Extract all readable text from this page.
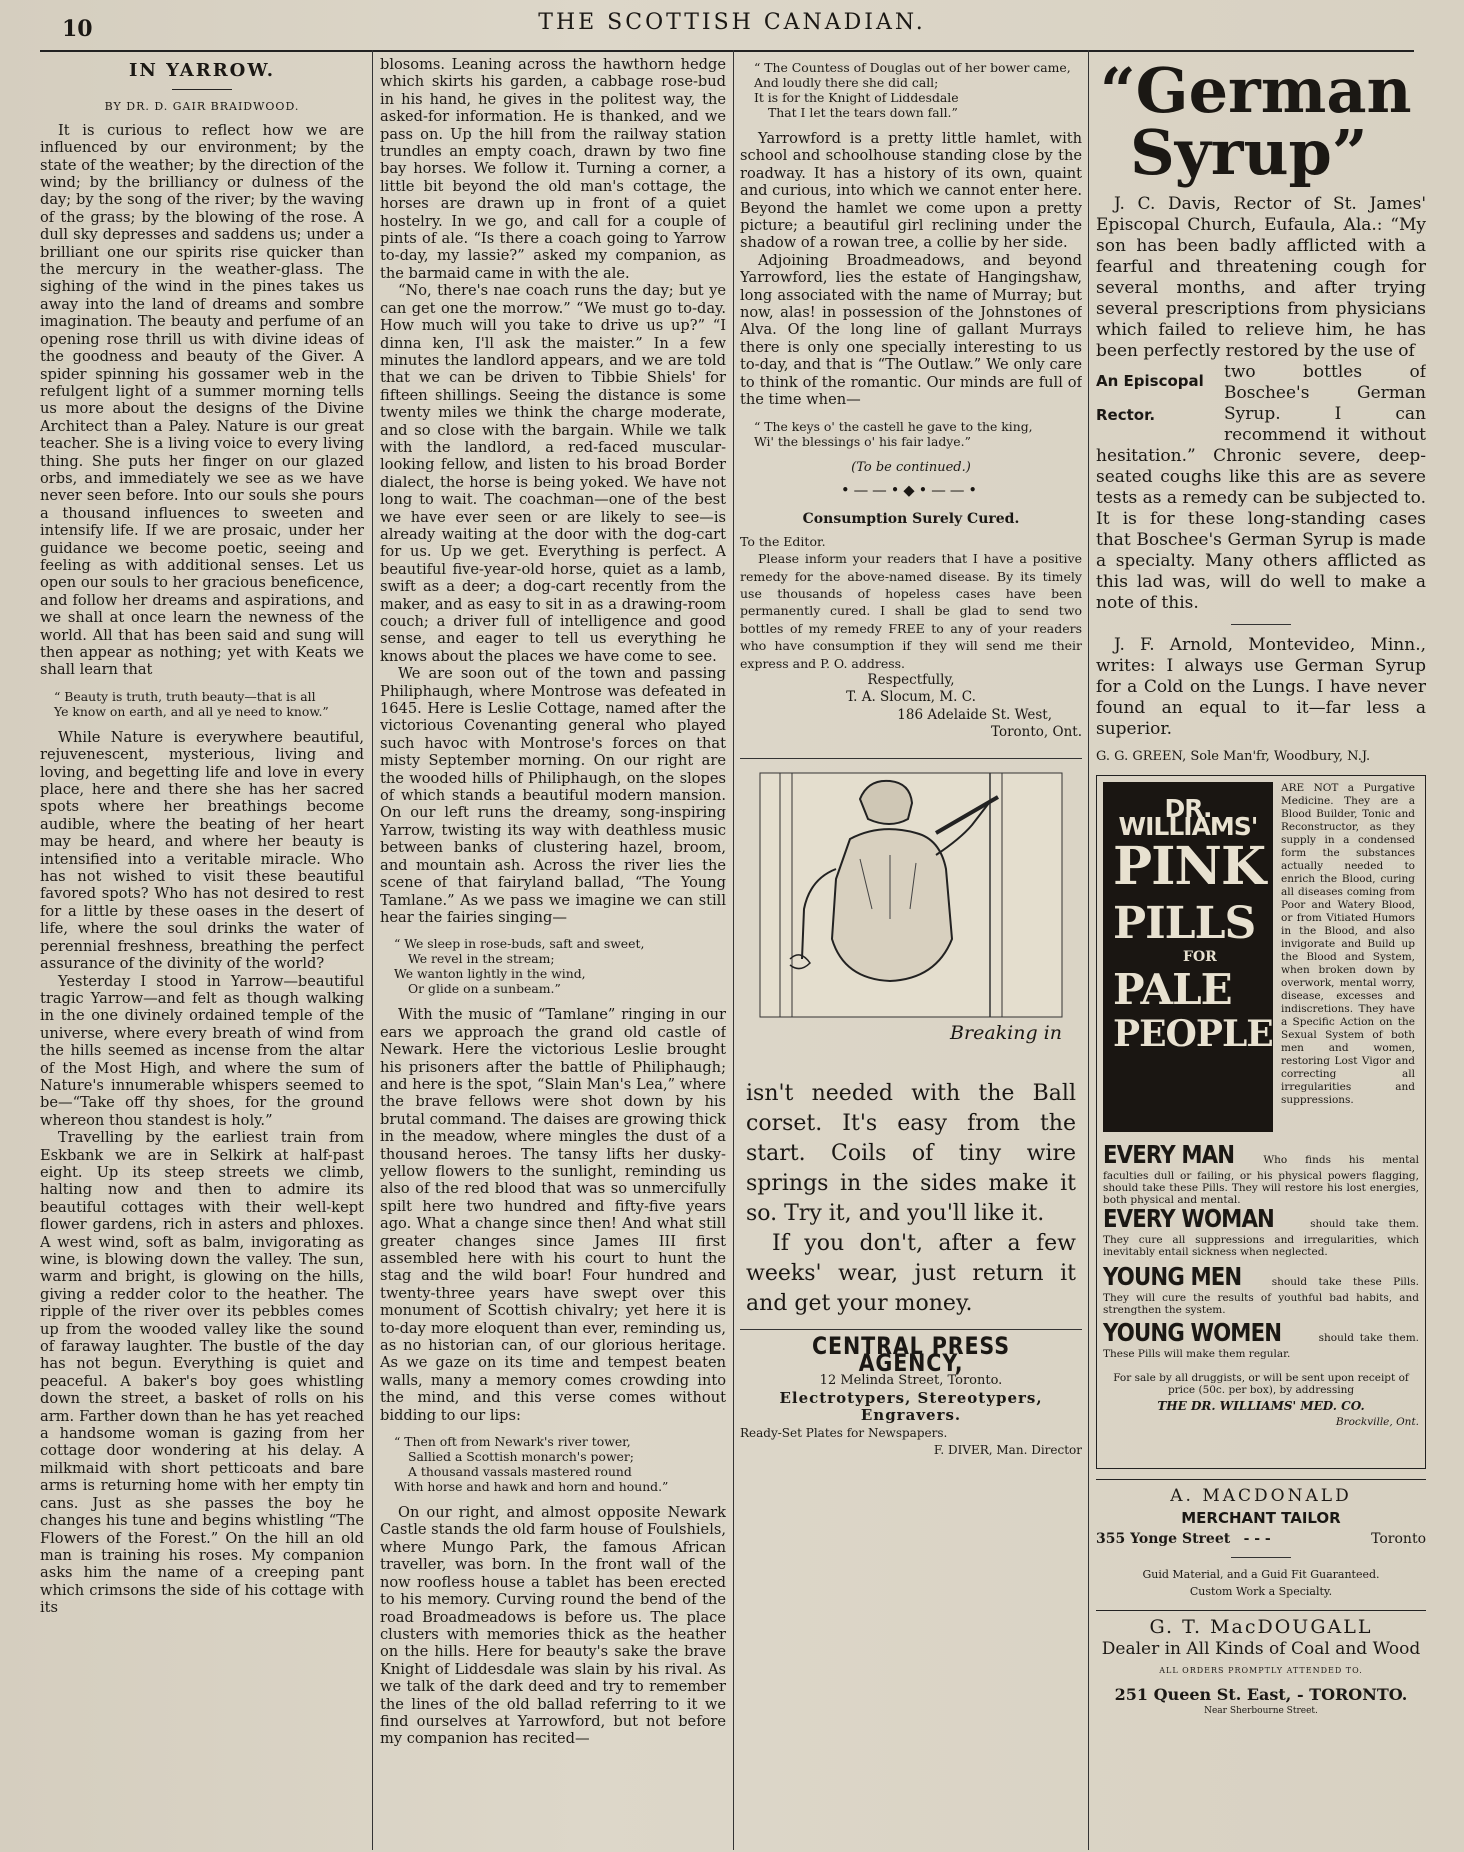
10	THE SCOTTISH CANADIAN.
IN YARROW.
BY DR. D. GAIR BRAIDWOOD.

It is curious to reflect how we are influenced by our environment; by the state of the weather; by the direction of the wind; by the brilliancy or dulness of the day; by the song of the river; by the waving of the grass; by the blowing of the rose. A dull sky depresses and saddens us; under a brilliant one our spirits rise quicker than the mercury in the weather-glass. The sighing of the wind in the pines takes us away into the land of dreams and sombre imagination. The beauty and perfume of an opening rose thrill us with divine ideas of the goodness and beauty of the Giver. A spider spinning his gossamer web in the refulgent light of a summer morning tells us more about the designs of the Divine Architect than a Paley. Nature is our great teacher. She is a living voice to every living thing. She puts her finger on our glazed orbs, and immediately we see as we have never seen before. Into our souls she pours a thousand influences to sweeten and intensify life. If we are prosaic, under her guidance we become poetic, seeing and feeling as with additional senses. Let us open our souls to her gracious beneficence, and follow her dreams and aspirations, and we shall at once learn the newness of the world. All that has been said and sung will then appear as nothing; yet with Keats we shall learn that

“ Beauty is truth, truth beauty—that is all
Ye know on earth, and all ye need to know.”

While Nature is everywhere beautiful, rejuvenescent, mysterious, living and loving, and begetting life and love in every place, here and there she has her sacred spots where her breathings become audible, where the beating of her heart may be heard, and where her beauty is intensified into a veritable miracle. Who has not wished to visit these beautiful favored spots? Who has not desired to rest for a little by these oases in the desert of life, where the soul drinks the water of perennial freshness, breathing the perfect assurance of the divinity of the world?

Yesterday I stood in Yarrow—beautiful tragic Yarrow—and felt as though walking in the one divinely ordained temple of the universe, where every breath of wind from the hills seemed as incense from the altar of the Most High, and where the sum of Nature's innumerable whispers seemed to be—“Take off thy shoes, for the ground whereon thou standest is holy.”

Travelling by the earliest train from Eskbank we are in Selkirk at half-past eight. Up its steep streets we climb, halting now and then to admire its beautiful cottages with their well-kept flower gardens, rich in asters and phloxes. A west wind, soft as balm, invigorating as wine, is blowing down the valley. The sun, warm and bright, is glowing on the hills, giving a redder color to the heather. The ripple of the river over its pebbles comes up from the wooded valley like the sound of faraway laughter. The bustle of the day has not begun. Everything is quiet and peaceful. A baker's boy goes whistling down the street, a basket of rolls on his arm. Farther down than he has yet reached a handsome woman is gazing from her cottage door wondering at his delay. A milkmaid with short petticoats and bare arms is returning home with her empty tin cans. Just as she passes the boy he changes his tune and begins whistling “The Flowers of the Forest.” On the hill an old man is training his roses. My companion asks him the name of a creeping pant which crimsons the side of his cottage with its

blosoms. Leaning across the hawthorn hedge which skirts his garden, a cabbage rose-bud in his hand, he gives in the politest way, the asked-for information. He is thanked, and we pass on. Up the hill from the railway station trundles an empty coach, drawn by two fine bay horses. We follow it. Turning a corner, a little bit beyond the old man's cottage, the horses are drawn up in front of a quiet hostelry. In we go, and call for a couple of pints of ale. “Is there a coach going to Yarrow to-day, my lassie?” asked my companion, as the barmaid came in with the ale.

“No, there's nae coach runs the day; but ye can get one the morrow.” “We must go to-day. How much will you take to drive us up?” “I dinna ken, I'll ask the maister.” In a few minutes the landlord appears, and we are told that we can be driven to Tibbie Shiels' for fifteen shillings. Seeing the distance is some twenty miles we think the charge moderate, and so close with the bargain. While we talk with the landlord, a red-faced muscular-looking fellow, and listen to his broad Border dialect, the horse is being yoked. We have not long to wait. The coachman—one of the best we have ever seen or are likely to see—is already waiting at the door with the dog-cart for us. Up we get. Everything is perfect. A beautiful five-year-old horse, quiet as a lamb, swift as a deer; a dog-cart recently from the maker, and as easy to sit in as a drawing-room couch; a driver full of intelligence and good sense, and eager to tell us everything he knows about the places we have come to see.

We are soon out of the town and passing Philiphaugh, where Montrose was defeated in 1645. Here is Leslie Cottage, named after the victorious Covenanting general who played such havoc with Montrose's forces on that misty September morning. On our right are the wooded hills of Philiphaugh, on the slopes of which stands a beautiful modern mansion. On our left runs the dreamy, song-inspiring Yarrow, twisting its way with deathless music between banks of clustering hazel, broom, and mountain ash. Across the river lies the scene of that fairyland ballad, “The Young Tamlane.” As we pass we imagine we can still hear the fairies singing—

“ We sleep in rose-buds, saft and sweet,
We revel in the stream;
We wanton lightly in the wind,
Or glide on a sunbeam.”

With the music of “Tamlane” ringing in our ears we approach the grand old castle of Newark. Here the victorious Leslie brought his prisoners after the battle of Philiphaugh; and here is the spot, “Slain Man's Lea,” where the brave fellows were shot down by his brutal command. The daises are growing thick in the meadow, where mingles the dust of a thousand heroes. The tansy lifts her dusky-yellow flowers to the sunlight, reminding us also of the red blood that was so unmercifully spilt here two hundred and fifty-five years ago. What a change since then! And what still greater changes since James III first assembled here with his court to hunt the stag and the wild boar! Four hundred and twenty-three years have swept over this monument of Scottish chivalry; yet here it is to-day more eloquent than ever, reminding us, as no historian can, of our glorious heritage. As we gaze on its time and tempest beaten walls, many a memory comes crowding into the mind, and this verse comes without bidding to our lips:

“ Then oft from Newark's river tower,
Sallied a Scottish monarch's power;
A thousand vassals mastered round
With horse and hawk and horn and hound.”

On our right, and almost opposite Newark Castle stands the old farm house of Foulshiels, where Mungo Park, the famous African traveller, was born. In the front wall of the now roofless house a tablet has been erected to his memory. Curving round the bend of the road Broadmeadows is before us. The place clusters with memories thick as the heather on the hills. Here for beauty's sake the brave Knight of Liddesdale was slain by his rival. As we talk of the dark deed and try to remember the lines of the old ballad referring to it we find ourselves at Yarrowford, but not before my companion has recited—

“ The Countess of Douglas out of her bower came,
And loudly there she did call;
It is for the Knight of Liddesdale
That I let the tears down fall.”

Yarrowford is a pretty little hamlet, with school and schoolhouse standing close by the roadway. It has a history of its own, quaint and curious, into which we cannot enter here. Beyond the hamlet we come upon a pretty picture; a beautiful girl reclining under the shadow of a rowan tree, a collie by her side.

Adjoining Broadmeadows, and beyond Yarrowford, lies the estate of Hangingshaw, long associated with the name of Murray; but now, alas! in possession of the Johnstones of Alva. Of the long line of gallant Murrays there is only one specially interesting to us to-day, and that is “The Outlaw.” We only care to think of the romantic. Our minds are full of the time when—

“ The keys o' the castell he gave to the king,
Wi' the blessings o' his fair ladye.”
(To be continued.)
•——•◆•——•
Consumption Surely Cured.

To the Editor.

Please inform your readers that I have a positive remedy for the above-named disease. By its timely use thousands of hopeless cases have been permanently cured. I shall be glad to send two bottles of my remedy FREE to any of your readers who have consumption if they will send me their express and P. O. address.

Respectfully,

T. A. Slocum, M. C.

186 Adelaide St. West,

Toronto, Ont.

Breaking in

isn't needed with the Ball corset. It's easy from the start. Coils of tiny wire springs in the sides make it so. Try it, and you'll like it.

If you don't, after a few weeks' wear, just return it and get your money.

CENTRAL PRESS AGENCY,
12 Melinda Street, Toronto.
Electrotypers, Stereotypers,
Engravers.
Ready-Set Plates for Newspapers.
F. DIVER, Man. Director
“German
Syrup”

J. C. Davis, Rector of St. James' Episcopal Church, Eufaula, Ala.: “My son has been badly afflicted with a fearful and threatening cough for several months, and after trying several prescriptions from physicians which failed to relieve him, he has been perfectly restored by the use of

An Episcopal
Rector.
two bottles of Boschee's German Syrup. I can recommend it without hesitation.” Chronic severe, deep-seated coughs like this are as severe tests as a remedy can be subjected to. It is for these long-standing cases that Boschee's German Syrup is made a specialty. Many others afflicted as this lad was, will do well to make a note of this.

J. F. Arnold, Montevideo, Minn., writes: I always use German Syrup for a Cold on the Lungs. I have never found an equal to it—far less a superior.

G. G. GREEN, Sole Man'fr, Woodbury, N.J.
DR. WILLIAMS'
PINK
PILLS
FOR
PALE
PEOPLE
ARE NOT a Purgative Medicine. They are a Blood Builder, Tonic and Reconstructor, as they supply in a condensed form the substances actually needed to enrich the Blood, curing all diseases coming from Poor and Watery Blood, or from Vitiated Humors in the Blood, and also invigorate and Build up the Blood and System, when broken down by overwork, mental worry, disease, excesses and indiscretions. They have a Specific Action on the Sexual System of both men and women, restoring Lost Vigor and correcting all irregularities and suppressions.
EVERY MAN	Who finds his mental faculties dull or failing, or his physical powers flagging, should take these Pills. They will restore his lost energies, both physical and mental.
EVERY WOMAN	should take them. They cure all suppressions and irregularities, which inevitably entail sickness when neglected.
YOUNG MEN	should take these Pills. They will cure the results of youthful bad habits, and strengthen the system.
YOUNG WOMEN	should take them. These Pills will make them regular.
For sale by all druggists, or will be sent upon receipt of price (50c. per box), by addressing
THE DR. WILLIAMS' MED. CO.
Brockville, Ont.
A. MACDONALD
MERCHANT TAILOR
Toronto
355 Yonge Street - - -
Guid Material, and a Guid Fit Guaranteed.
Custom Work a Specialty.
G. T. MacDOUGALL
Dealer in All Kinds of Coal and Wood
ALL ORDERS PROMPTLY ATTENDED TO.
251 Queen St. East, - TORONTO.
Near Sherbourne Street.
